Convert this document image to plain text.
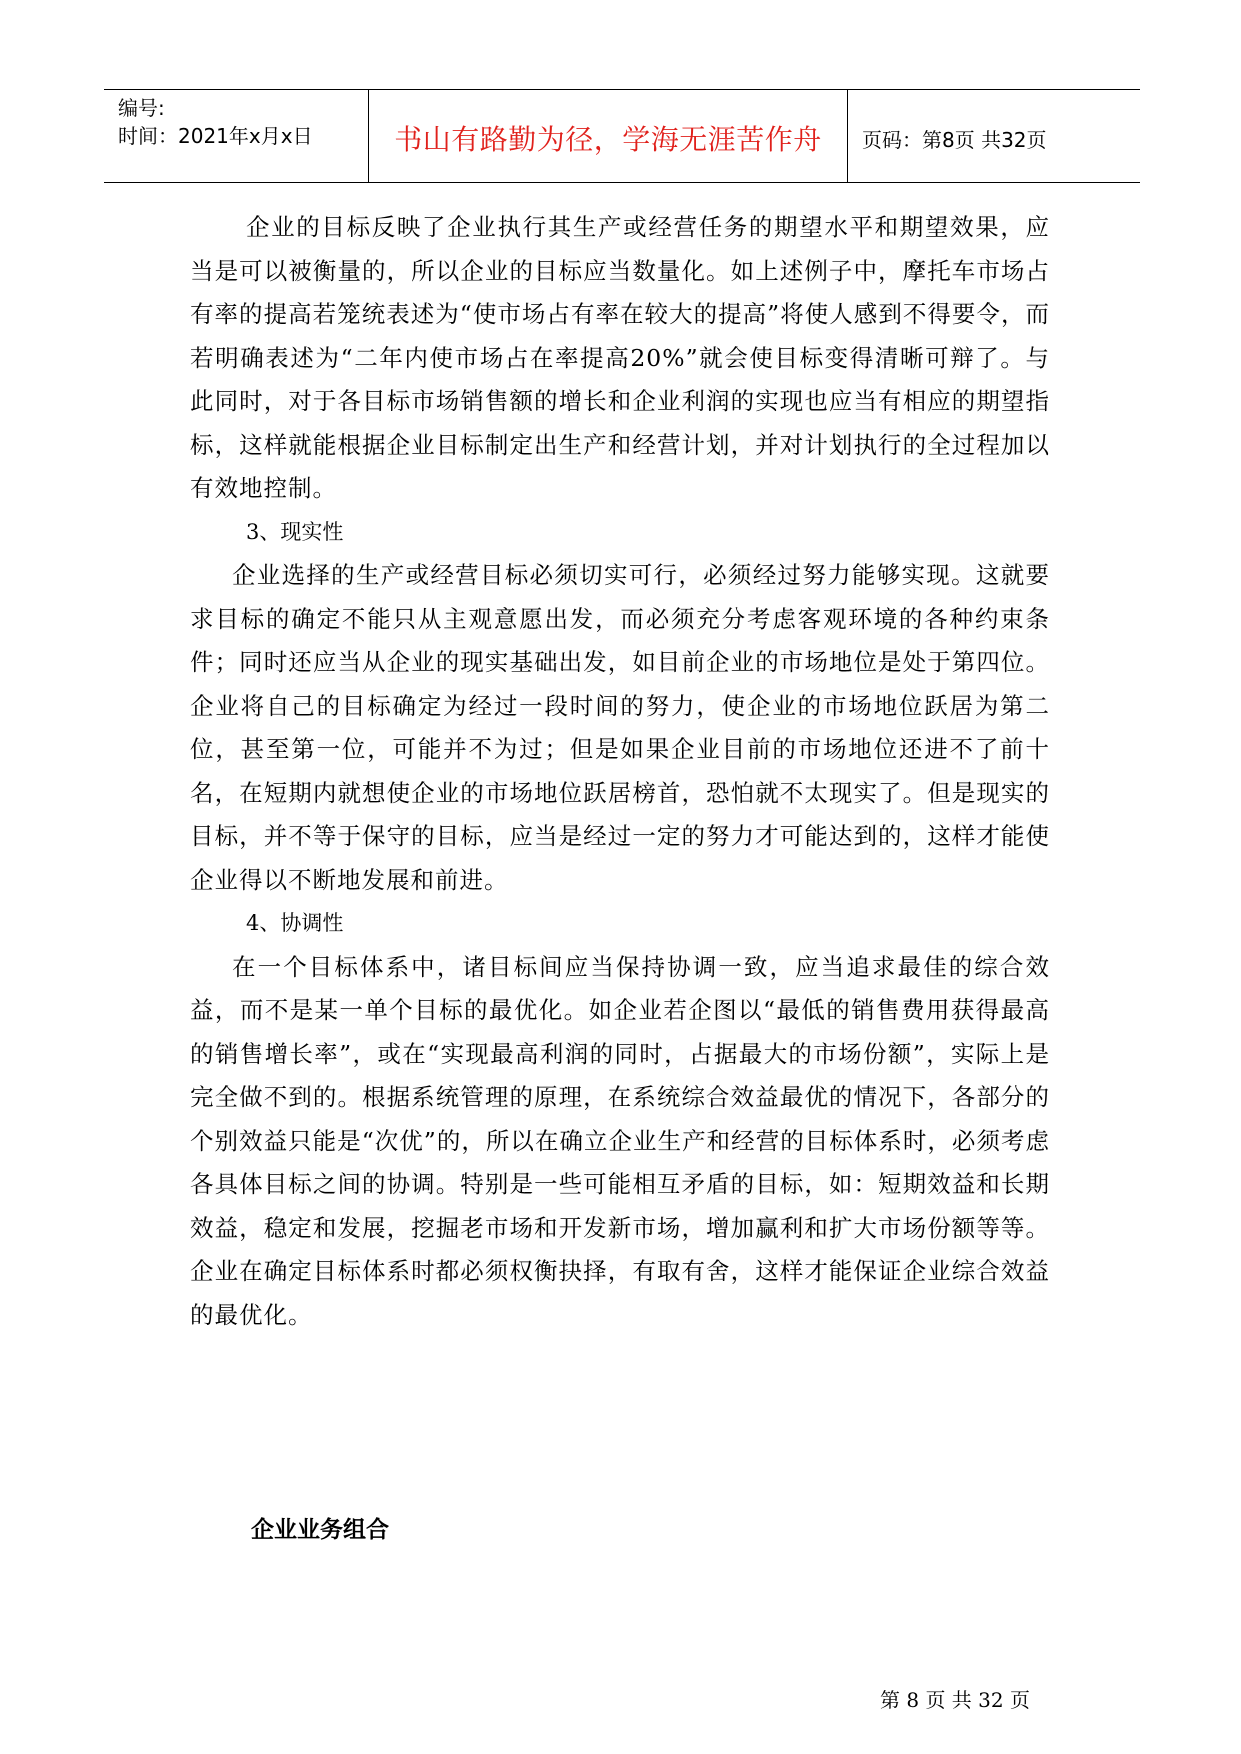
编号:
时间：2021年x月x日	书山有路勤为径，学海无涯苦作舟	页码：第8页 共32页

企业的目标反映了企业执行其生产或经营任务的期望水平和期望效果，应当是可以被衡量的，所以企业的目标应当数量化。如上述例子中，摩托车市场占有率的提高若笼统表述为“使市场占有率在较大的提高”将使人感到不得要令，而若明确表述为“二年内使市场占在率提高20%”就会使目标变得清晰可辩了。与此同时，对于各目标市场销售额的增长和企业利润的实现也应当有相应的期望指标，这样就能根据企业目标制定出生产和经营计划，并对计划执行的全过程加以有效地控制。

3、现实性

企业选择的生产或经营目标必须切实可行，必须经过努力能够实现。这就要求目标的确定不能只从主观意愿出发，而必须充分考虑客观环境的各种约束条件；同时还应当从企业的现实基础出发，如目前企业的市场地位是处于第四位。企业将自己的目标确定为经过一段时间的努力，使企业的市场地位跃居为第二位，甚至第一位，可能并不为过；但是如果企业目前的市场地位还进不了前十名，在短期内就想使企业的市场地位跃居榜首，恐怕就不太现实了。但是现实的目标，并不等于保守的目标，应当是经过一定的努力才可能达到的，这样才能使企业得以不断地发展和前进。

4、协调性

在一个目标体系中，诸目标间应当保持协调一致，应当追求最佳的综合效益，而不是某一单个目标的最优化。如企业若企图以“最低的销售费用获得最高的销售增长率”，或在“实现最高利润的同时，占据最大的市场份额”，实际上是完全做不到的。根据系统管理的原理，在系统综合效益最优的情况下，各部分的个别效益只能是“次优”的，所以在确立企业生产和经营的目标体系时，必须考虑各具体目标之间的协调。特别是一些可能相互矛盾的目标，如：短期效益和长期效益，稳定和发展，挖掘老市场和开发新市场，增加赢利和扩大市场份额等等。企业在确定目标体系时都必须权衡抉择，有取有舍，这样才能保证企业综合效益的最优化。

企业业务组合
第 8 页 共 32 页
